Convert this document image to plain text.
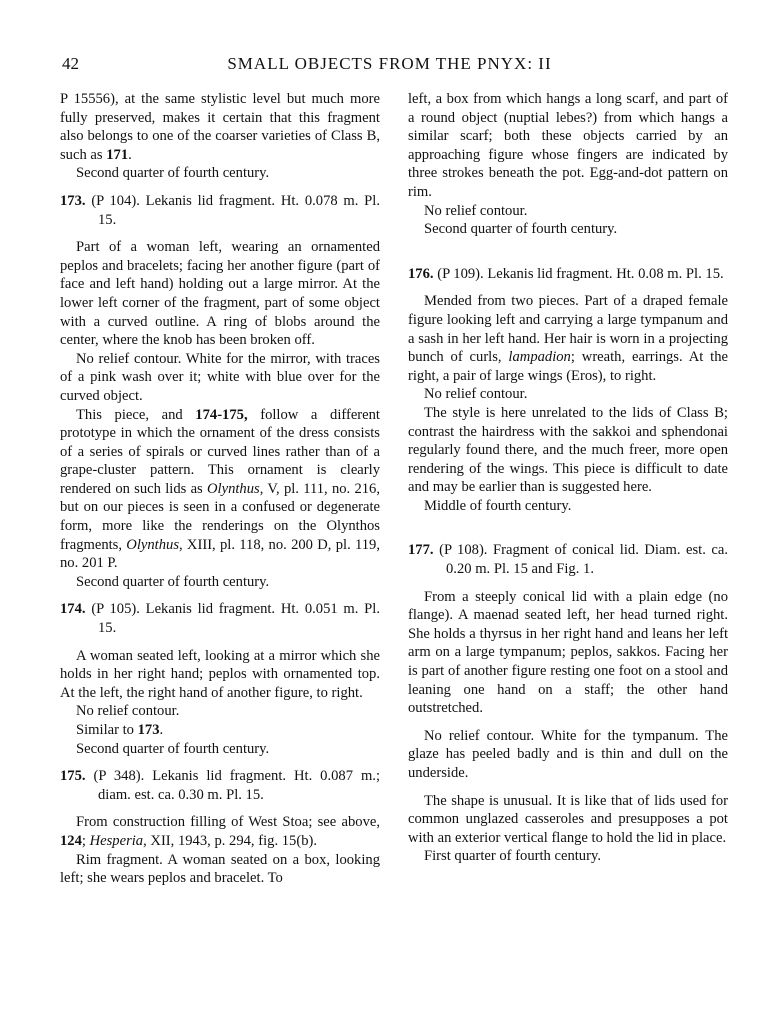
42	SMALL OBJECTS FROM THE PNYX: II

P 15556), at the same stylistic level but much more fully preserved, makes it certain that this fragment also belongs to one of the coarser varieties of Class B, such as 171.

Second quarter of fourth century.

173. (P 104). Lekanis lid fragment. Ht. 0.078 m. Pl. 15.

Part of a woman left, wearing an ornamented peplos and bracelets; facing her another figure (part of face and left hand) holding out a large mirror. At the lower left corner of the fragment, part of some object with a curved outline. A ring of blobs around the center, where the knob has been broken off.

No relief contour. White for the mirror, with traces of a pink wash over it; white with blue over for the curved object.

This piece, and 174-175, follow a different prototype in which the ornament of the dress consists of a series of spirals or curved lines rather than of a grape-cluster pattern. This ornament is clearly rendered on such lids as Olynthus, V, pl. 111, no. 216, but on our pieces is seen in a confused or degenerate form, more like the renderings on the Olynthos fragments, Olynthus, XIII, pl. 118, no. 200 D, pl. 119, no. 201 P.

Second quarter of fourth century.

174. (P 105). Lekanis lid fragment. Ht. 0.051 m. Pl. 15.

A woman seated left, looking at a mirror which she holds in her right hand; peplos with ornamented top. At the left, the right hand of another figure, to right.

No relief contour.

Similar to 173.

Second quarter of fourth century.

175. (P 348). Lekanis lid fragment. Ht. 0.087 m.; diam. est. ca. 0.30 m. Pl. 15.

From construction filling of West Stoa; see above, 124; Hesperia, XII, 1943, p. 294, fig. 15(b).

Rim fragment. A woman seated on a box, looking left; she wears peplos and bracelet. To

left, a box from which hangs a long scarf, and part of a round object (nuptial lebes?) from which hangs a similar scarf; both these objects carried by an approaching figure whose fingers are indicated by three strokes beneath the pot. Egg-and-dot pattern on rim.

No relief contour.

Second quarter of fourth century.

176. (P 109). Lekanis lid fragment. Ht. 0.08 m. Pl. 15.

Mended from two pieces. Part of a draped female figure looking left and carrying a large tympanum and a sash in her left hand. Her hair is worn in a projecting bunch of curls, lampadion; wreath, earrings. At the right, a pair of large wings (Eros), to right.

No relief contour.

The style is here unrelated to the lids of Class B; contrast the hairdress with the sakkoi and sphendonai regularly found there, and the much freer, more open rendering of the wings. This piece is difficult to date and may be earlier than is suggested here.

Middle of fourth century.

177. (P 108). Fragment of conical lid. Diam. est. ca. 0.20 m. Pl. 15 and Fig. 1.

From a steeply conical lid with a plain edge (no flange). A maenad seated left, her head turned right. She holds a thyrsus in her right hand and leans her left arm on a large tympanum; peplos, sakkos. Facing her is part of another figure resting one foot on a stool and leaning one hand on a staff; the other hand outstretched.

No relief contour. White for the tympanum. The glaze has peeled badly and is thin and dull on the underside.

The shape is unusual. It is like that of lids used for common unglazed casseroles and presupposes a pot with an exterior vertical flange to hold the lid in place.

First quarter of fourth century.
